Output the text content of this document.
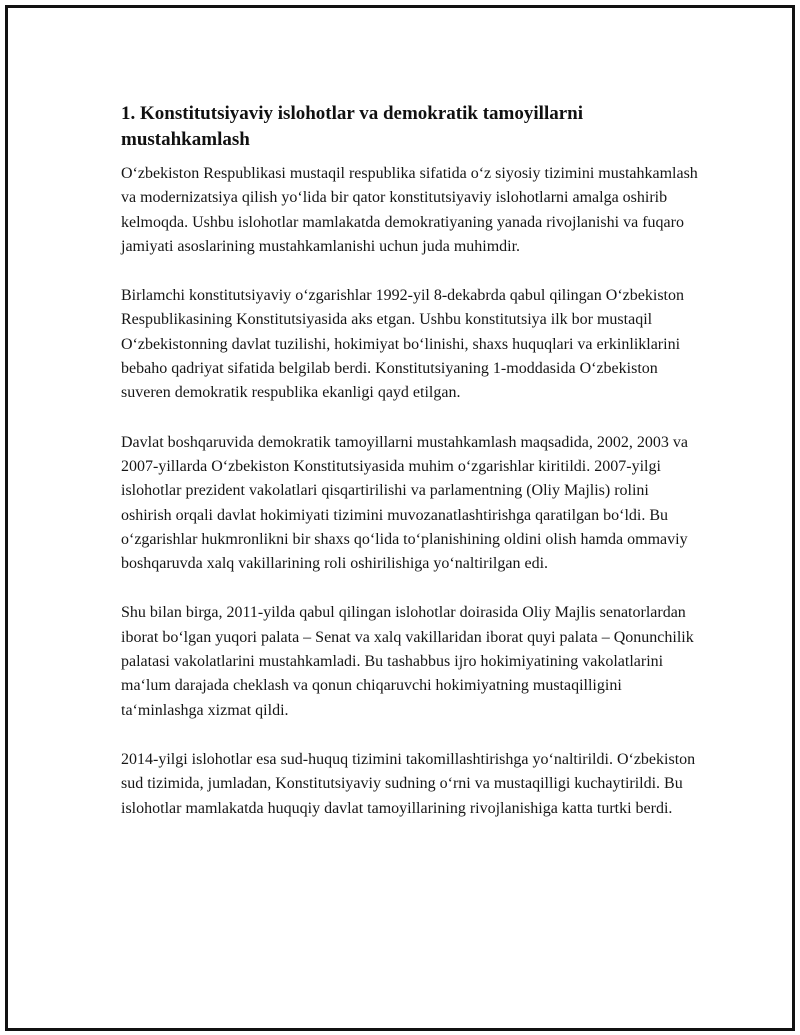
1. Konstitutsiyaviy islohotlar va demokratik tamoyillarni mustahkamlash

O‘zbekiston Respublikasi mustaqil respublika sifatida o‘z siyosiy tizimini mustahkamlash va modernizatsiya qilish yo‘lida bir qator konstitutsiyaviy islohotlarni amalga oshirib kelmoqda. Ushbu islohotlar mamlakatda demokratiyaning yanada rivojlanishi va fuqaro jamiyati asoslarining mustahkamlanishi uchun juda muhimdir.

Birlamchi konstitutsiyaviy o‘zgarishlar 1992-yil 8-dekabrda qabul qilingan O‘zbekiston Respublikasining Konstitutsiyasida aks etgan. Ushbu konstitutsiya ilk bor mustaqil O‘zbekistonning davlat tuzilishi, hokimiyat bo‘linishi, shaxs huquqlari va erkinliklarini bebaho qadriyat sifatida belgilab berdi. Konstitutsiyaning 1-moddasida O‘zbekiston suveren demokratik respublika ekanligi qayd etilgan.

Davlat boshqaruvida demokratik tamoyillarni mustahkamlash maqsadida, 2002, 2003 va 2007-yillarda O‘zbekiston Konstitutsiyasida muhim o‘zgarishlar kiritildi. 2007-yilgi islohotlar prezident vakolatlari qisqartirilishi va parlamentning (Oliy Majlis) rolini oshirish orqali davlat hokimiyati tizimini muvozanatlashtirishga qaratilgan bo‘ldi. Bu o‘zgarishlar hukmronlikni bir shaxs qo‘lida to‘planishining oldini olish hamda ommaviy boshqaruvda xalq vakillarining roli oshirilishiga yo‘naltirilgan edi.

Shu bilan birga, 2011-yilda qabul qilingan islohotlar doirasida Oliy Majlis senatorlardan iborat bo‘lgan yuqori palata – Senat va xalq vakillaridan iborat quyi palata – Qonunchilik palatasi vakolatlarini mustahkamladi. Bu tashabbus ijro hokimiyatining vakolatlarini ma‘lum darajada cheklash va qonun chiqaruvchi hokimiyatning mustaqilligini ta‘minlashga xizmat qildi.

2014-yilgi islohotlar esa sud-huquq tizimini takomillashtirishga yo‘naltirildi. O‘zbekiston sud tizimida, jumladan, Konstitutsiyaviy sudning o‘rni va mustaqilligi kuchaytirildi. Bu islohotlar mamlakatda huquqiy davlat tamoyillarining rivojlanishiga katta turtki berdi.
